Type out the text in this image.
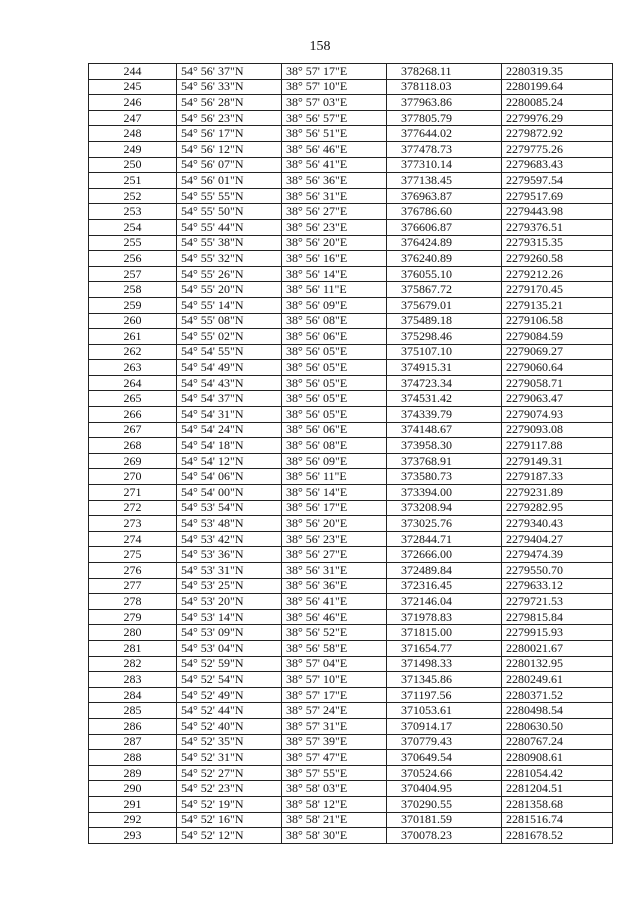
158
244	54° 56' 37"N	38° 57' 17"E	378268.11	2280319.35
245	54° 56' 33"N	38° 57' 10"E	378118.03	2280199.64
246	54° 56' 28"N	38° 57' 03"E	377963.86	2280085.24
247	54° 56' 23"N	38° 56' 57"E	377805.79	2279976.29
248	54° 56' 17"N	38° 56' 51"E	377644.02	2279872.92
249	54° 56' 12"N	38° 56' 46"E	377478.73	2279775.26
250	54° 56' 07"N	38° 56' 41"E	377310.14	2279683.43
251	54° 56' 01"N	38° 56' 36"E	377138.45	2279597.54
252	54° 55' 55"N	38° 56' 31"E	376963.87	2279517.69
253	54° 55' 50"N	38° 56' 27"E	376786.60	2279443.98
254	54° 55' 44"N	38° 56' 23"E	376606.87	2279376.51
255	54° 55' 38"N	38° 56' 20"E	376424.89	2279315.35
256	54° 55' 32"N	38° 56' 16"E	376240.89	2279260.58
257	54° 55' 26"N	38° 56' 14"E	376055.10	2279212.26
258	54° 55' 20"N	38° 56' 11"E	375867.72	2279170.45
259	54° 55' 14"N	38° 56' 09"E	375679.01	2279135.21
260	54° 55' 08"N	38° 56' 08"E	375489.18	2279106.58
261	54° 55' 02"N	38° 56' 06"E	375298.46	2279084.59
262	54° 54' 55"N	38° 56' 05"E	375107.10	2279069.27
263	54° 54' 49"N	38° 56' 05"E	374915.31	2279060.64
264	54° 54' 43"N	38° 56' 05"E	374723.34	2279058.71
265	54° 54' 37"N	38° 56' 05"E	374531.42	2279063.47
266	54° 54' 31"N	38° 56' 05"E	374339.79	2279074.93
267	54° 54' 24"N	38° 56' 06"E	374148.67	2279093.08
268	54° 54' 18"N	38° 56' 08"E	373958.30	2279117.88
269	54° 54' 12"N	38° 56' 09"E	373768.91	2279149.31
270	54° 54' 06"N	38° 56' 11"E	373580.73	2279187.33
271	54° 54' 00"N	38° 56' 14"E	373394.00	2279231.89
272	54° 53' 54"N	38° 56' 17"E	373208.94	2279282.95
273	54° 53' 48"N	38° 56' 20"E	373025.76	2279340.43
274	54° 53' 42"N	38° 56' 23"E	372844.71	2279404.27
275	54° 53' 36"N	38° 56' 27"E	372666.00	2279474.39
276	54° 53' 31"N	38° 56' 31"E	372489.84	2279550.70
277	54° 53' 25"N	38° 56' 36"E	372316.45	2279633.12
278	54° 53' 20"N	38° 56' 41"E	372146.04	2279721.53
279	54° 53' 14"N	38° 56' 46"E	371978.83	2279815.84
280	54° 53' 09"N	38° 56' 52"E	371815.00	2279915.93
281	54° 53' 04"N	38° 56' 58"E	371654.77	2280021.67
282	54° 52' 59"N	38° 57' 04"E	371498.33	2280132.95
283	54° 52' 54"N	38° 57' 10"E	371345.86	2280249.61
284	54° 52' 49"N	38° 57' 17"E	371197.56	2280371.52
285	54° 52' 44"N	38° 57' 24"E	371053.61	2280498.54
286	54° 52' 40"N	38° 57' 31"E	370914.17	2280630.50
287	54° 52' 35"N	38° 57' 39"E	370779.43	2280767.24
288	54° 52' 31"N	38° 57' 47"E	370649.54	2280908.61
289	54° 52' 27"N	38° 57' 55"E	370524.66	2281054.42
290	54° 52' 23"N	38° 58' 03"E	370404.95	2281204.51
291	54° 52' 19"N	38° 58' 12"E	370290.55	2281358.68
292	54° 52' 16"N	38° 58' 21"E	370181.59	2281516.74
293	54° 52' 12"N	38° 58' 30"E	370078.23	2281678.52
